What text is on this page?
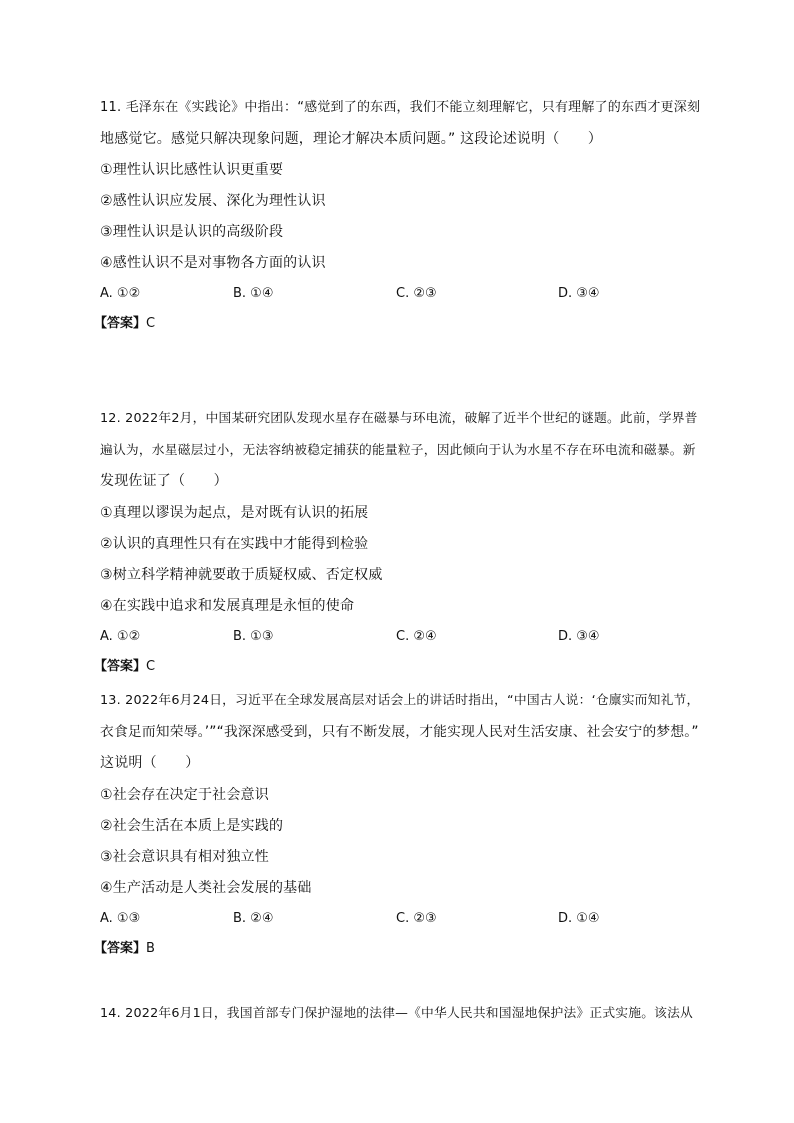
11. 毛泽东在《实践论》中指出：“感觉到了的东西，我们不能立刻理解它，只有理解了的东西才更深刻
地感觉它。感觉只解决现象问题，理论才解决本质问题。” 这段论述说明（　　）
①理性认识比感性认识更重要
②感性认识应发展、深化为理性认识
③理性认识是认识的高级阶段
④感性认识不是对事物各方面的认识
A. ①②	B. ①④	C. ②③	D. ③④
【答案】C
12. 2022年2月，中国某研究团队发现水星存在磁暴与环电流，破解了近半个世纪的谜题。此前，学界普
遍认为，水星磁层过小，无法容纳被稳定捕获的能量粒子，因此倾向于认为水星不存在环电流和磁暴。新
发现佐证了（　　）
①真理以谬误为起点，是对既有认识的拓展
②认识的真理性只有在实践中才能得到检验
③树立科学精神就要敢于质疑权威、否定权威
④在实践中追求和发展真理是永恒的使命
A. ①②	B. ①③	C. ②④	D. ③④
【答案】C
13. 2022年6月24日，习近平在全球发展高层对话会上的讲话时指出，“中国古人说：‘仓廪实而知礼节，
衣食足而知荣辱。’”“我深深感受到，只有不断发展，才能实现人民对生活安康、社会安宁的梦想。”
这说明（　　）
①社会存在决定于社会意识
②社会生活在本质上是实践的
③社会意识具有相对独立性
④生产活动是人类社会发展的基础
A. ①③	B. ②④	C. ②③	D. ①④
【答案】B
14. 2022年6月1日，我国首部专门保护湿地的法律—《中华人民共和国湿地保护法》正式实施。该法从
